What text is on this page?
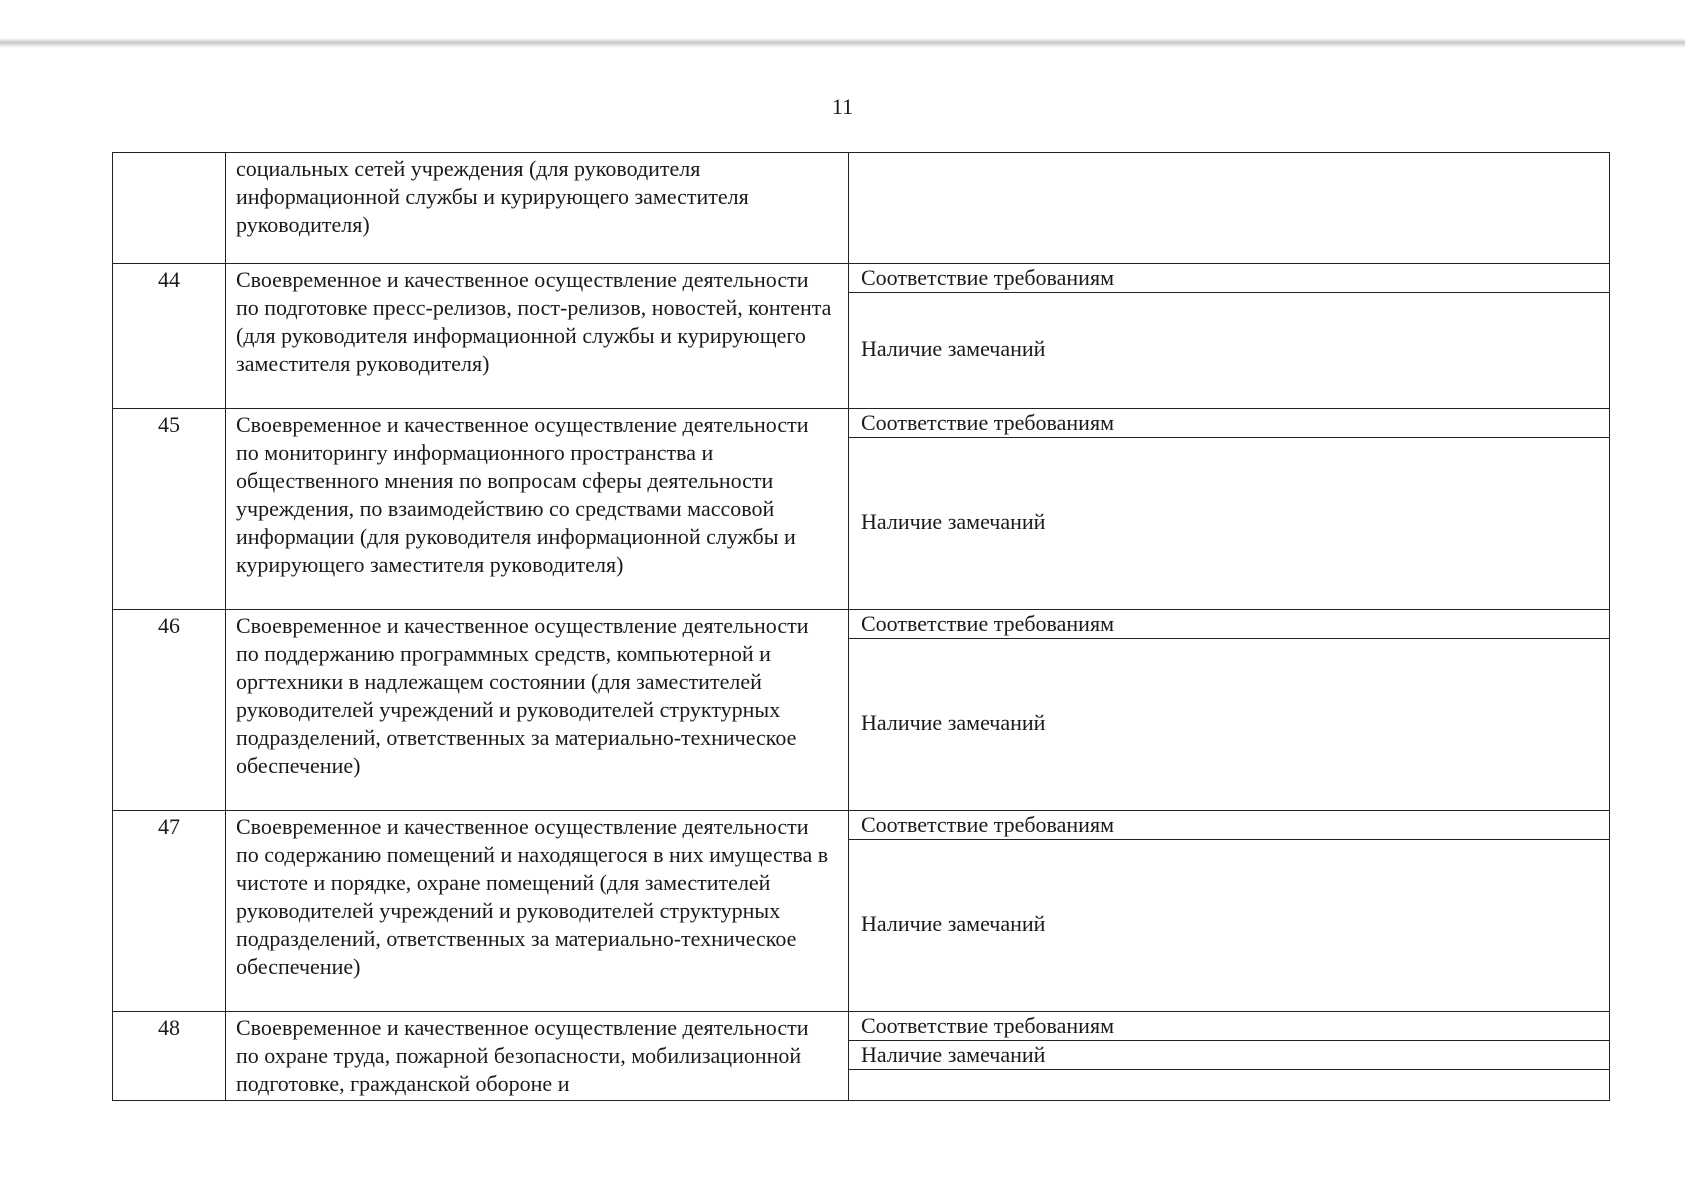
11
	социальных сетей учреждения (для руководителя информационной службы и курирующего заместителя руководителя)	
44	Своевременное и качественное осуществление деятельности по подготовке пресс-релизов, пост-релизов, новостей, контента (для руководителя информационной службы и курирующего заместителя руководителя)	Соответствие требованиям
Наличие замечаний

45	Своевременное и качественное осуществление деятельности по мониторингу информационного пространства и общественного мнения по вопросам сферы деятельности учреждения, по взаимодействию со средствами массовой информации (для руководителя информационной службы и курирующего заместителя руководителя)	Соответствие требованиям
Наличие замечаний

46	Своевременное и качественное осуществление деятельности по поддержанию программных средств, компьютерной и оргтехники в надлежащем состоянии (для заместителей руководителей учреждений и руководителей структурных подразделений, ответственных за материально-техническое обеспечение)	Соответствие требованиям
Наличие замечаний

47	Своевременное и качественное осуществление деятельности по содержанию помещений и находящегося в них имущества в чистоте и порядке, охране помещений (для заместителей руководителей учреждений и руководителей структурных подразделений, ответственных за материально-техническое обеспечение)	Соответствие требованиям
Наличие замечаний

48	Своевременное и качественное осуществление деятельности по охране труда, пожарной безопасности, мобилизационной подготовке, гражданской обороне и	Соответствие требованиям
Наличие замечаний
